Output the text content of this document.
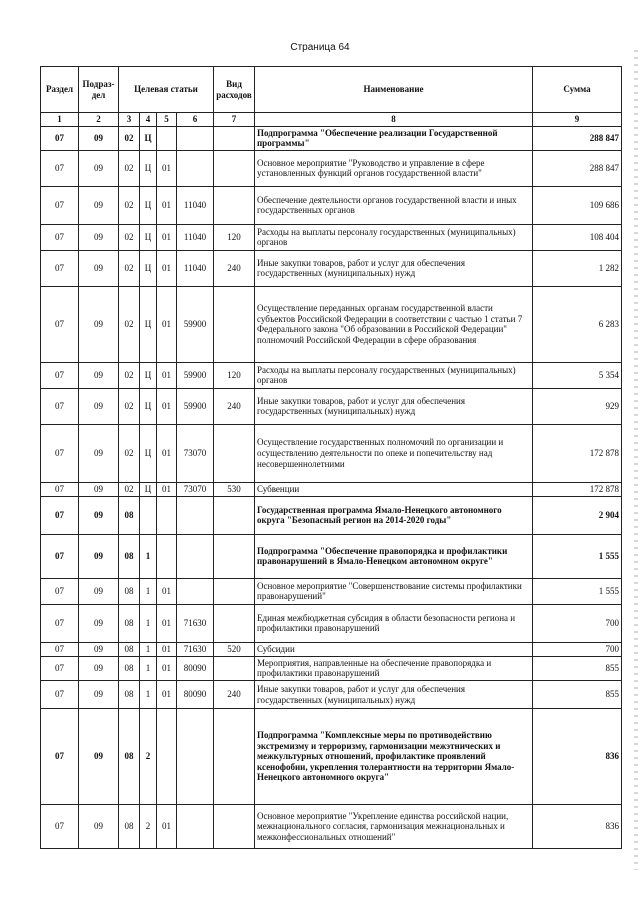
Страница 64
Раздел	Подраз-дел	Целевая статьи				Вид расходов	Наименование	Сумма
1	2	3	4	5	6	7	8	9
07	09	02	Ц				Подпрограмма "Обеспечение реализации Государственной программы"	288 847
07	09	02	Ц	01			Основное мероприятие "Руководство и управление в сфере установленных функций органов государственной власти"	288 847
07	09	02	Ц	01	11040		Обеспечение деятельности органов государственной власти и иных государственных органов	109 686
07	09	02	Ц	01	11040	120	Расходы на выплаты персоналу государственных (муниципальных) органов	108 404
07	09	02	Ц	01	11040	240	Иные закупки товаров, работ и услуг для обеспечения государственных (муниципальных) нужд	1 282
07	09	02	Ц	01	59900		Осуществление переданных органам государственной власти субъектов Российской Федерации в соответствии с частью 1 статьи 7 Федерального закона "Об образовании в Российской Федерации" полномочий Российской Федерации в сфере образования	6 283
07	09	02	Ц	01	59900	120	Расходы на выплаты персоналу государственных (муниципальных) органов	5 354
07	09	02	Ц	01	59900	240	Иные закупки товаров, работ и услуг для обеспечения государственных (муниципальных) нужд	929
07	09	02	Ц	01	73070		Осуществление государственных полномочий по организации и осуществлению деятельности по опеке и попечительству над несовершеннолетними	172 878
07	09	02	Ц	01	73070	530	Субвенции	172 878
07	09	08					Государственная программа Ямало-Ненецкого автономного округа "Безопасный регион на 2014-2020 годы"	2 904
07	09	08	1				Подпрограмма "Обеспечение правопорядка и профилактики правонарушений в Ямало-Ненецком автономном округе"	1 555
07	09	08	1	01			Основное мероприятие "Совершенствование системы профилактики правонарушений"	1 555
07	09	08	1	01	71630		Единая межбюджетная субсидия в области безопасности региона и профилактики правонарушений	700
07	09	08	1	01	71630	520	Субсидии	700
07	09	08	1	01	80090		Мероприятия, направленные на обеспечение правопорядка и профилактики правонарушений	855
07	09	08	1	01	80090	240	Иные закупки товаров, работ и услуг для обеспечения государственных (муниципальных) нужд	855
07	09	08	2				Подпрограмма "Комплексные меры по противодействию экстремизму и терроризму, гармонизации межэтнических и межкультурных отношений, профилактике проявлений ксенофобии, укрепления толерантности на территории Ямало-Ненецкого автономного округа"	836
07	09	08	2	01			Основное мероприятие "Укрепление единства российской нации, межнационального согласия, гармонизация межнациональных и межконфессиональных отношений"	836
